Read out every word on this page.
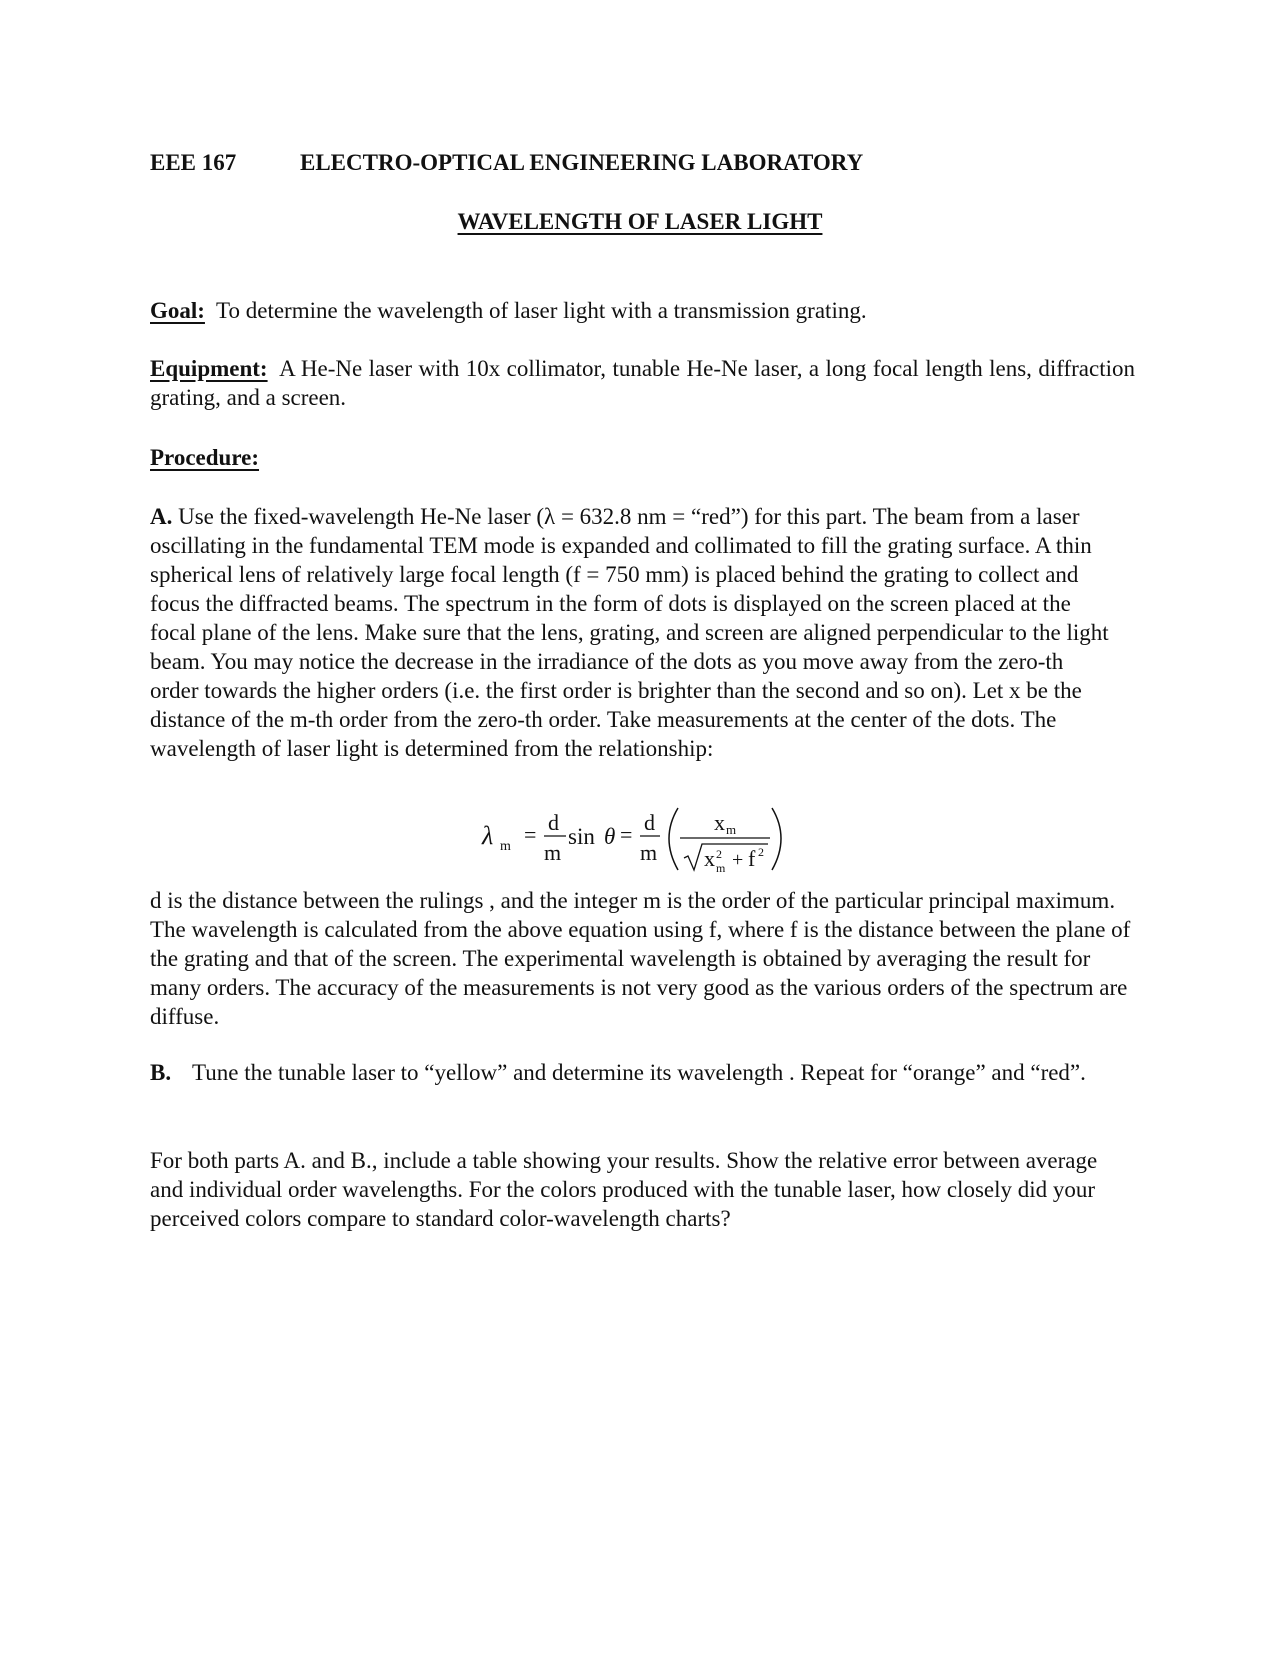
EEE 167	ELECTRO-OPTICAL ENGINEERING LABORATORY
WAVELENGTH OF LASER LIGHT
Goal: To determine the wavelength of laser light with a transmission grating.
Equipment: A He-Ne laser with 10x collimator, tunable He-Ne laser, a long focal length lens, diffraction grating, and a screen.
Procedure:
A. Use the fixed-wavelength He-Ne laser (λ = 632.8 nm = “red”) for this part. The beam from a laser oscillating in the fundamental TEM mode is expanded and collimated to fill the grating surface. A thin spherical lens of relatively large focal length (f = 750 mm) is placed behind the grating to collect and focus the diffracted beams. The spectrum in the form of dots is displayed on the screen placed at the focal plane of the lens. Make sure that the lens, grating, and screen are aligned perpendicular to the light beam. You may notice the decrease in the irradiance of the dots as you move away from the zero-th order towards the higher orders (i.e. the first order is brighter than the second and so on). Let x be the distance of the m-th order from the zero-th order. Take measurements at the center of the dots. The wavelength of laser light is determined from the relationship:
λ m = d
m
sin θ = d
m
x m
x 2
m + f 2
d is the distance between the rulings , and the integer m is the order of the particular principal maximum. The wavelength is calculated from the above equation using f, where f is the distance between the plane of the grating and that of the screen. The experimental wavelength is obtained by averaging the result for many orders. The accuracy of the measurements is not very good as the various orders of the spectrum are diffuse.
B. Tune the tunable laser to “yellow” and determine its wavelength . Repeat for “orange” and “red”.
For both parts A. and B., include a table showing your results. Show the relative error between average and individual order wavelengths. For the colors produced with the tunable laser, how closely did your perceived colors compare to standard color-wavelength charts?
